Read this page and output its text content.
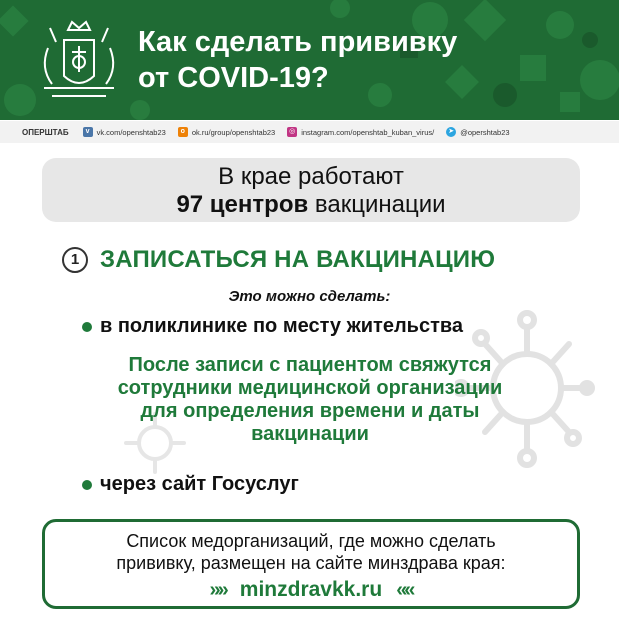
Как сделать прививку
от COVID-19?
ОПЕРШТАБ	v vk.com/openshtab23	o ok.ru/group/openshtab23 ◎ instagram.com/openshtab_kuban_virus/ ➤ @opershtab23
В крае работают
97 центров вакцинации
1 ЗАПИСАТЬСЯ НА ВАКЦИНАЦИЮ
Это можно сделать:
в поликлинике по месту жительства
После записи с пациентом свяжутся
сотрудники медицинской организации
для определения времени и даты
вакцинации
через сайт Госуслуг
Список медорганизаций, где можно сделать
прививку, размещен на сайте минздрава края:
»» minzdravkk.ru ««
